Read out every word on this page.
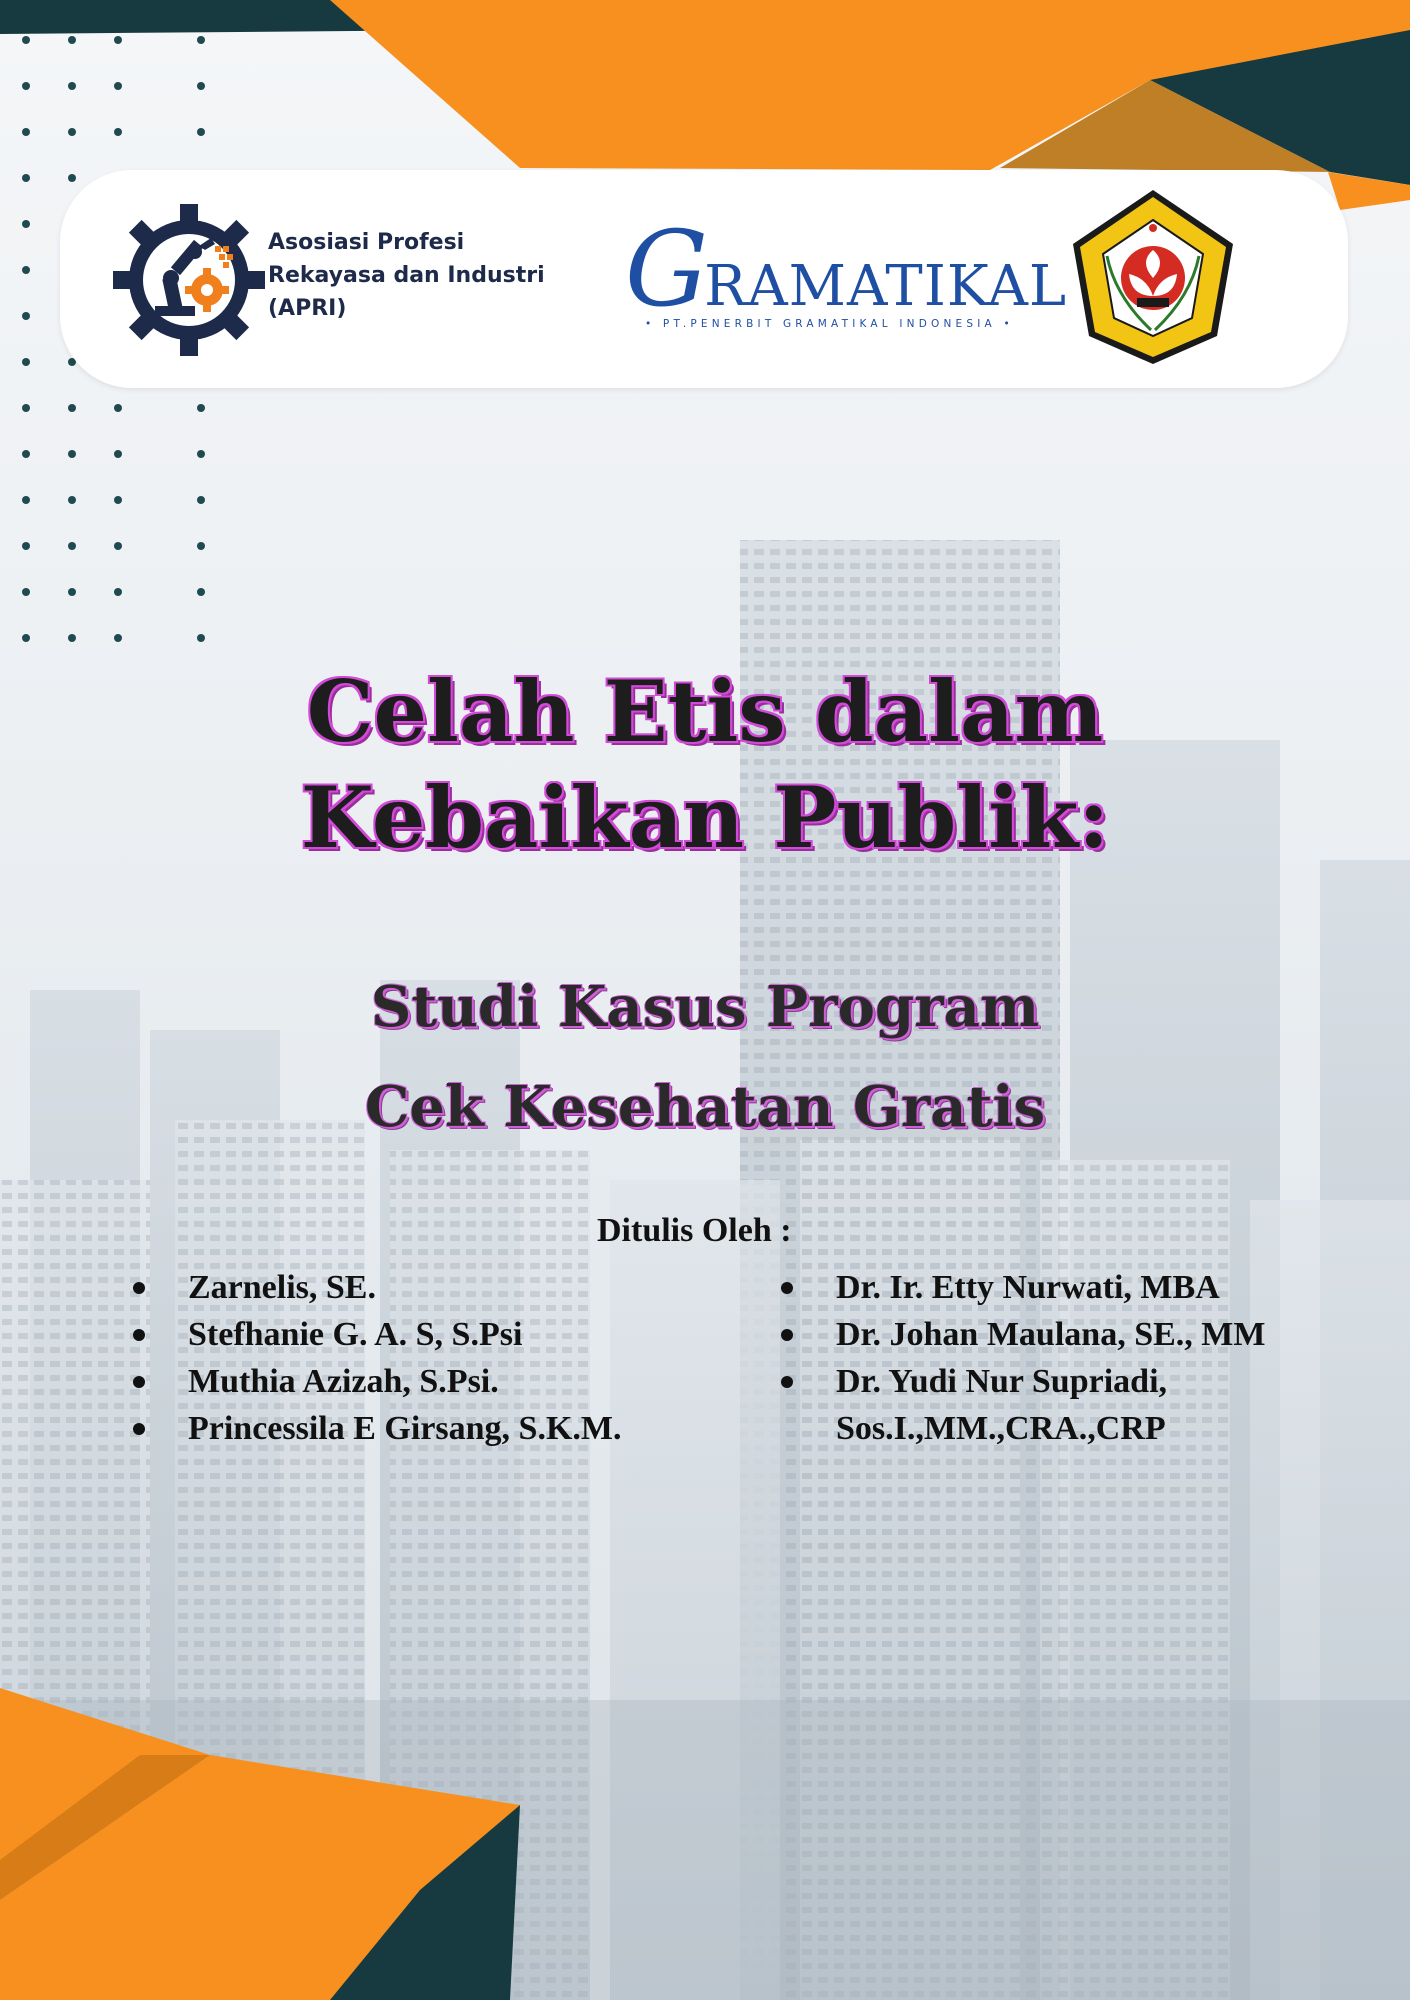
Asosiasi Profesi
Rekayasa dan Industri
(APRI)	GRAMATIKAL
• PT.PENERBIT GRAMATIKAL INDONESIA •
Celah Etis dalam
Kebaikan Publik:
Studi Kasus Program
Cek Kesehatan Gratis
Ditulis Oleh :
Zarnelis, SE.
Stefhanie G. A. S, S.Psi
Muthia Azizah, S.Psi.
Princessila E Girsang, S.K.M.
Dr. Ir. Etty Nurwati, MBA
Dr. Johan Maulana, SE., MM
Dr. Yudi Nur Supriadi,
Sos.I.,MM.,CRA.,CRP
